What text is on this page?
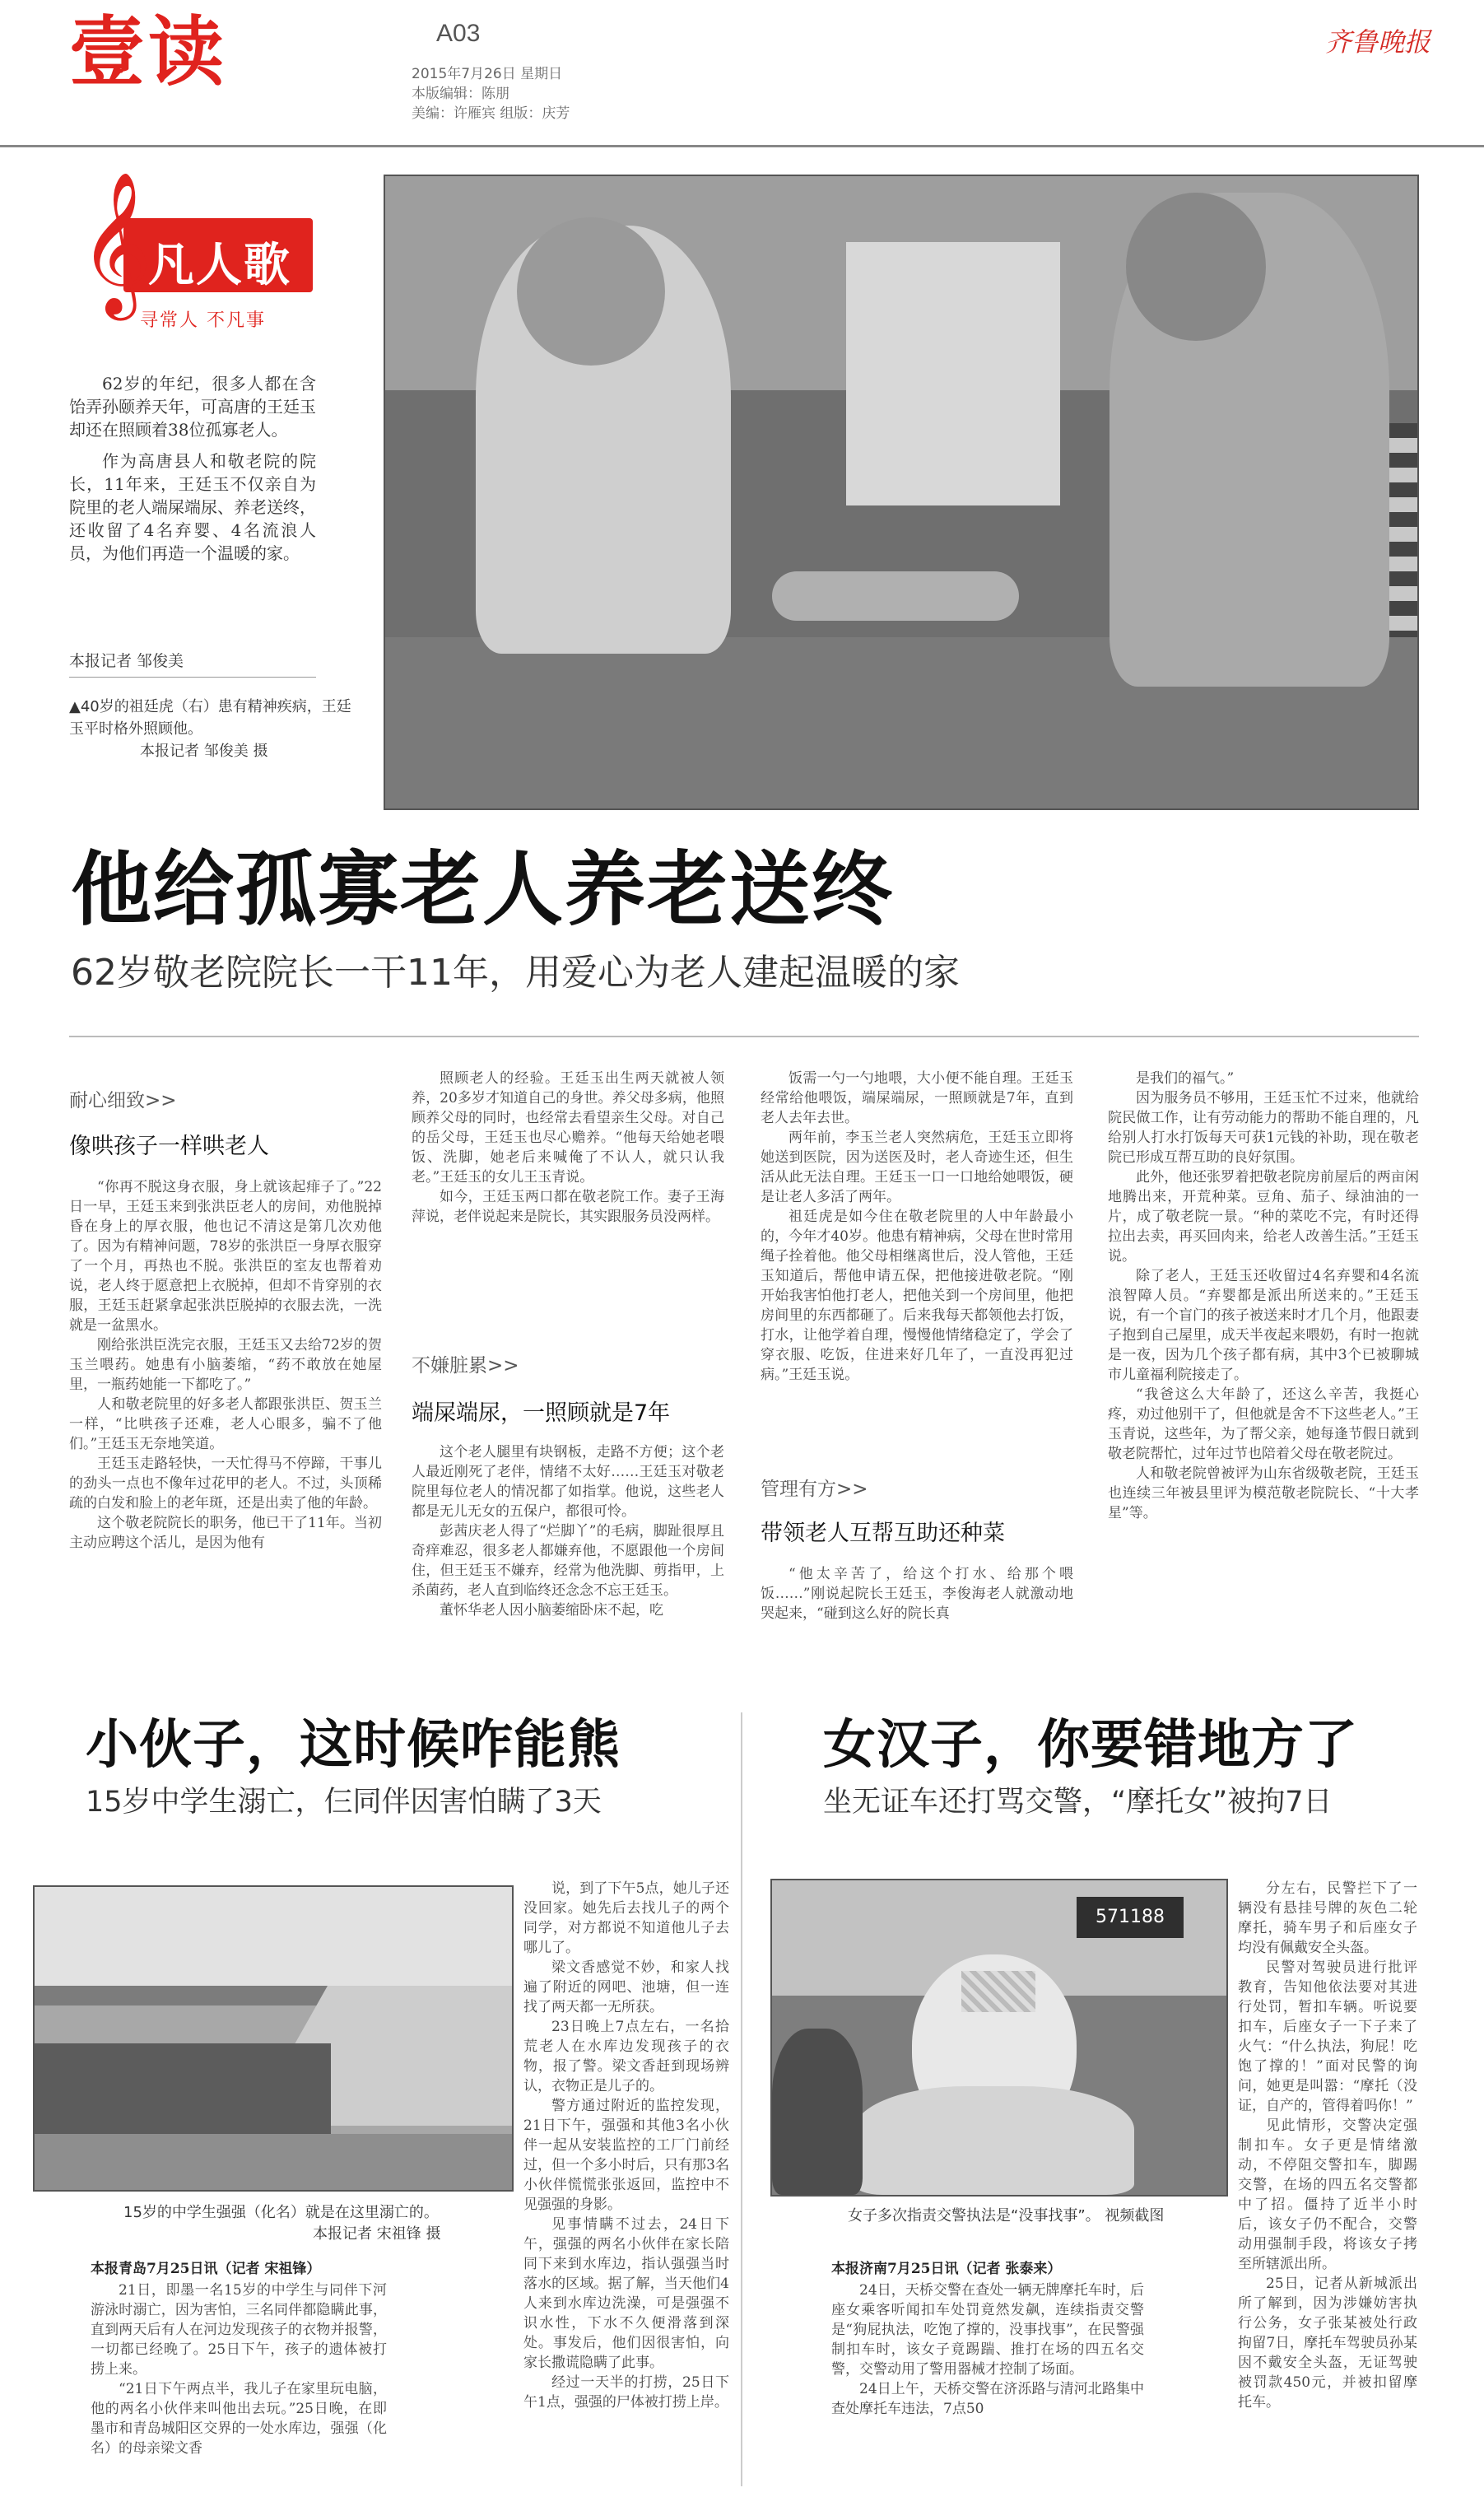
壹读	A03
2015年7月26日 星期日
本版编辑：陈朋
美编：许雁宾 组版：庆芳
齐鲁晚报
𝄞
凡人歌
寻常人 不凡事

62岁的年纪，很多人都在含饴弄孙颐养天年，可高唐的王廷玉却还在照顾着38位孤寡老人。

作为高唐县人和敬老院的院长，11年来，王廷玉不仅亲自为院里的老人端屎端尿、养老送终，还收留了4名弃婴、4名流浪人员，为他们再造一个温暖的家。

本报记者 邹俊美
▲40岁的祖廷虎（右）患有精神疾病，王廷玉平时格外照顾他。
本报记者 邹俊美 摄
他给孤寡老人养老送终
62岁敬老院院长一干11年，用爱心为老人建起温暖的家
耐心细致>>
像哄孩子一样哄老人

“你再不脱这身衣服，身上就该起痱子了。”22日一早，王廷玉来到张洪臣老人的房间，劝他脱掉昏在身上的厚衣服，他也记不清这是第几次劝他了。因为有精神问题，78岁的张洪臣一身厚衣服穿了一个月，再热也不脱。张洪臣的室友也帮着劝说，老人终于愿意把上衣脱掉，但却不肯穿别的衣服，王廷玉赶紧拿起张洪臣脱掉的衣服去洗，一洗就是一盆黑水。

刚给张洪臣洗完衣服，王廷玉又去给72岁的贺玉兰喂药。她患有小脑萎缩，“药不敢放在她屋里，一瓶药她能一下都吃了。”

人和敬老院里的好多老人都跟张洪臣、贺玉兰一样，“比哄孩子还难，老人心眼多，骗不了他们。”王廷玉无奈地笑道。

王廷玉走路轻快，一天忙得马不停蹄，干事儿的劲头一点也不像年过花甲的老人。不过，头顶稀疏的白发和脸上的老年斑，还是出卖了他的年龄。

这个敬老院院长的职务，他已干了11年。当初主动应聘这个活儿，是因为他有

照顾老人的经验。王廷玉出生两天就被人领养，20多岁才知道自己的身世。养父母多病，他照顾养父母的同时，也经常去看望亲生父母。对自己的岳父母，王廷玉也尽心赡养。“他每天给她老喂饭、洗脚，她老后来喊俺了不认人，就只认我老。”王廷玉的女儿王玉青说。

如今，王廷玉两口都在敬老院工作。妻子王海萍说，老伴说起来是院长，其实跟服务员没两样。

不嫌脏累>>
端屎端尿，一照顾就是7年

这个老人腿里有块钢板，走路不方便；这个老人最近刚死了老伴，情绪不太好……王廷玉对敬老院里每位老人的情况都了如指掌。他说，这些老人都是无儿无女的五保户，都很可怜。

彭茜庆老人得了“烂脚丫”的毛病，脚趾很厚且奇痒难忍，很多老人都嫌弃他，不愿跟他一个房间住，但王廷玉不嫌弃，经常为他洗脚、剪指甲，上杀菌药，老人直到临终还念念不忘王廷玉。

董怀华老人因小脑萎缩卧床不起，吃

饭需一勺一勺地喂，大小便不能自理。王廷玉经常给他喂饭，端屎端尿，一照顾就是7年，直到老人去年去世。

两年前，李玉兰老人突然病危，王廷玉立即将她送到医院，因为送医及时，老人奇迹生还，但生活从此无法自理。王廷玉一口一口地给她喂饭，硬是让老人多活了两年。

祖廷虎是如今住在敬老院里的人中年龄最小的，今年才40岁。他患有精神病，父母在世时常用绳子拴着他。他父母相继离世后，没人管他，王廷玉知道后，帮他申请五保，把他接进敬老院。“刚开始我害怕他打老人，把他关到一个房间里，他把房间里的东西都砸了。后来我每天都领他去打饭，打水，让他学着自理，慢慢他情绪稳定了，学会了穿衣服、吃饭，住进来好几年了，一直没再犯过病。”王廷玉说。

管理有方>>
带领老人互帮互助还种菜

“他太辛苦了，给这个打水、给那个喂饭……”刚说起院长王廷玉，李俊海老人就激动地哭起来，“碰到这么好的院长真

是我们的福气。”

因为服务员不够用，王廷玉忙不过来，他就给院民做工作，让有劳动能力的帮助不能自理的，凡给别人打水打饭每天可获1元钱的补助，现在敬老院已形成互帮互助的良好氛围。

此外，他还张罗着把敬老院房前屋后的两亩闲地腾出来，开荒种菜。豆角、茄子、绿油油的一片，成了敬老院一景。“种的菜吃不完，有时还得拉出去卖，再买回肉来，给老人改善生活。”王廷玉说。

除了老人，王廷玉还收留过4名弃婴和4名流浪智障人员。“弃婴都是派出所送来的。”王廷玉说，有一个盲门的孩子被送来时才几个月，他跟妻子抱到自己屋里，成天半夜起来喂奶，有时一抱就是一夜，因为几个孩子都有病，其中3个已被聊城市儿童福利院接走了。

“我爸这么大年龄了，还这么辛苦，我挺心疼，劝过他别干了，但他就是舍不下这些老人。”王玉青说，这些年，为了帮父亲，她每逢节假日就到敬老院帮忙，过年过节也陪着父母在敬老院过。

人和敬老院曾被评为山东省级敬老院，王廷玉也连续三年被县里评为模范敬老院院长、“十大孝星”等。

小伙子，这时候咋能熊
15岁中学生溺亡，仨同伴因害怕瞒了3天
15岁的中学生强强（化名）就是在这里溺亡的。
本报记者 宋祖锋 摄
本报青岛7月25日讯（记者 宋祖锋）

21日，即墨一名15岁的中学生与同伴下河游泳时溺亡，因为害怕，三名同伴都隐瞒此事，直到两天后有人在河边发现孩子的衣物并报警，一切都已经晚了。25日下午，孩子的遗体被打捞上来。

“21日下午两点半，我儿子在家里玩电脑，他的两名小伙伴来叫他出去玩。”25日晚，在即墨市和青岛城阳区交界的一处水库边，强强（化名）的母亲梁文香

说，到了下午5点，她儿子还没回家。她先后去找儿子的两个同学，对方都说不知道他儿子去哪儿了。

梁文香感觉不妙，和家人找遍了附近的网吧、池塘，但一连找了两天都一无所获。

23日晚上7点左右，一名拾荒老人在水库边发现孩子的衣物，报了警。梁文香赶到现场辨认，衣物正是儿子的。

警方通过附近的监控发现，21日下午，强强和其他3名小伙伴一起从安装监控的工厂门前经过，但一个多小时后，只有那3名小伙伴慌慌张张返回，监控中不见强强的身影。

见事情瞒不过去，24日下午，强强的两名小伙伴在家长陪同下来到水库边，指认强强当时落水的区域。据了解，当天他们4人来到水库边洗澡，可是强强不识水性，下水不久便滑落到深处。事发后，他们因很害怕，向家长撒谎隐瞒了此事。

经过一天半的打捞，25日下午1点，强强的尸体被打捞上岸。

女汉子，你要错地方了
坐无证车还打骂交警，“摩托女”被拘7日
571188
女子多次指责交警执法是“没事找事”。 视频截图
本报济南7月25日讯（记者 张泰来）

24日，天桥交警在查处一辆无牌摩托车时，后座女乘客听闻扣车处罚竟然发飙，连续指责交警是“狗屁执法，吃饱了撑的，没事找事”，在民警强制扣车时，该女子竟踢踹、推打在场的四五名交警，交警动用了警用器械才控制了场面。

24日上午，天桥交警在济泺路与清河北路集中查处摩托车违法，7点50

分左右，民警拦下了一辆没有悬挂号牌的灰色二轮摩托，骑车男子和后座女子均没有佩戴安全头盔。

民警对驾驶员进行批评教育，告知他依法要对其进行处罚，暂扣车辆。听说要扣车，后座女子一下子来了火气：“什么执法，狗屁！吃饱了撑的！”面对民警的询问，她更是叫嚣：“摩托（没证，自产的，管得着吗你！”

见此情形，交警决定强制扣车。女子更是情绪激动，不停阻交警扣车，脚踢交警，在场的四五名交警都中了招。僵持了近半小时后，该女子仍不配合，交警动用强制手段，将该女子拷至所辖派出所。

25日，记者从新城派出所了解到，因为涉嫌妨害执行公务，女子张某被处行政拘留7日，摩托车驾驶员孙某因不戴安全头盔，无证驾驶被罚款450元，并被扣留摩托车。
